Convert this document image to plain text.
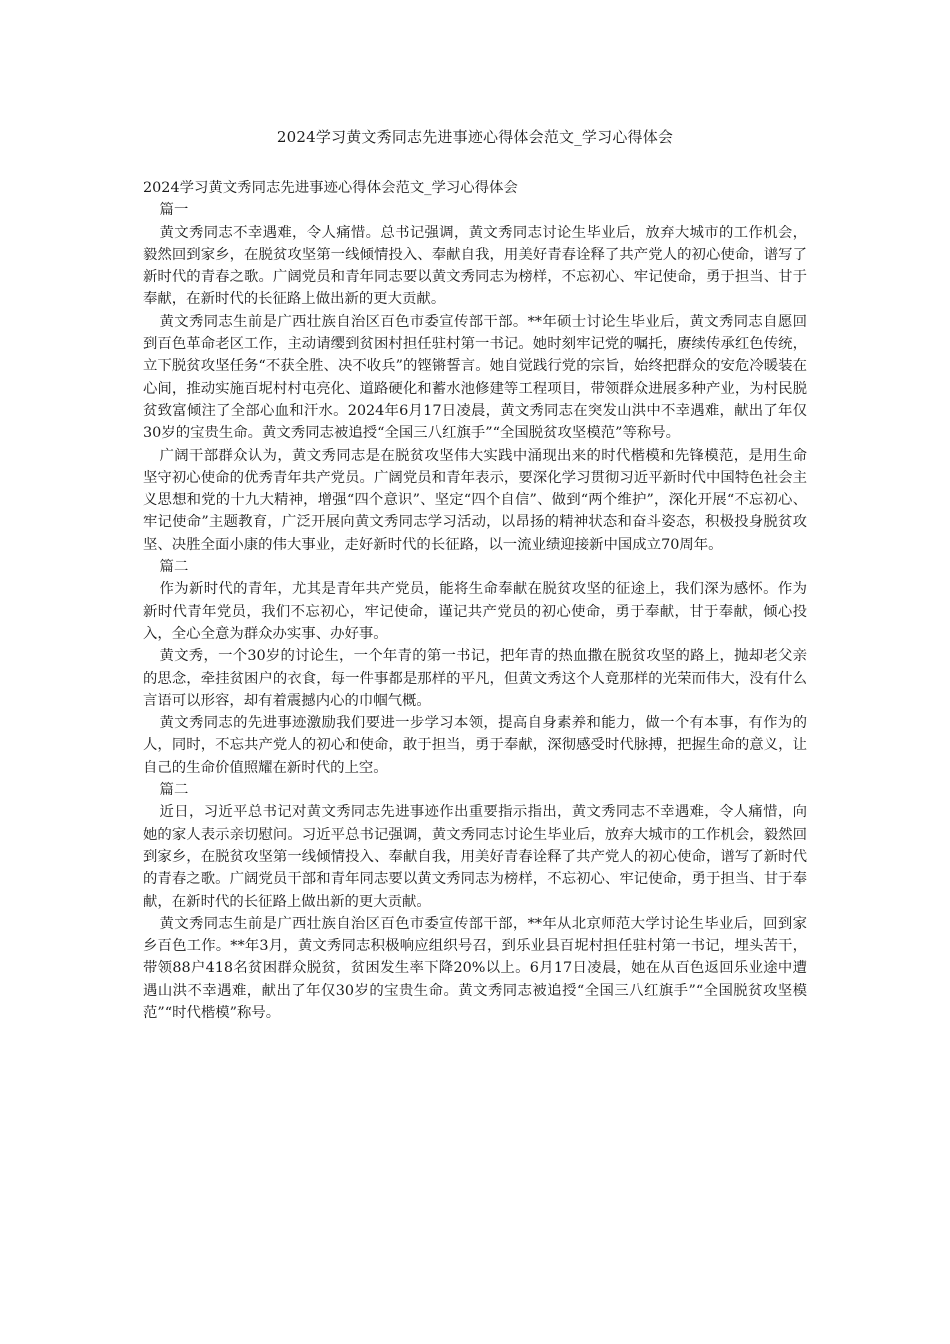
2024学习黄文秀同志先进事迹心得体会范文_学习心得体会

2024学习黄文秀同志先进事迹心得体会范文_学习心得体会

篇一

黄文秀同志不幸遇难，令人痛惜。总书记强调，黄文秀同志讨论生毕业后，放弃大城市的工作机会，毅然回到家乡，在脱贫攻坚第一线倾情投入、奉献自我，用美好青春诠释了共产党人的初心使命，谱写了新时代的青春之歌。广阔党员和青年同志要以黄文秀同志为榜样，不忘初心、牢记使命，勇于担当、甘于奉献，在新时代的长征路上做出新的更大贡献。

黄文秀同志生前是广西壮族自治区百色市委宣传部干部。**年硕士讨论生毕业后，黄文秀同志自愿回到百色革命老区工作，主动请缨到贫困村担任驻村第一书记。她时刻牢记党的嘱托，赓续传承红色传统，立下脱贫攻坚任务“不获全胜、决不收兵”的铿锵誓言。她自觉践行党的宗旨，始终把群众的安危冷暖装在心间，推动实施百坭村村屯亮化、道路硬化和蓄水池修建等工程项目，带领群众进展多种产业，为村民脱贫致富倾注了全部心血和汗水。2024年6月17日凌晨，黄文秀同志在突发山洪中不幸遇难，献出了年仅30岁的宝贵生命。黄文秀同志被追授“全国三八红旗手”“全国脱贫攻坚模范”等称号。

广阔干部群众认为，黄文秀同志是在脱贫攻坚伟大实践中涌现出来的时代楷模和先锋模范，是用生命坚守初心使命的优秀青年共产党员。广阔党员和青年表示，要深化学习贯彻习近平新时代中国特色社会主义思想和党的十九大精神，增强“四个意识”、坚定“四个自信”、做到“两个维护”，深化开展“不忘初心、牢记使命”主题教育，广泛开展向黄文秀同志学习活动，以昂扬的精神状态和奋斗姿态，积极投身脱贫攻坚、决胜全面小康的伟大事业，走好新时代的长征路，以一流业绩迎接新中国成立70周年。

篇二

作为新时代的青年，尤其是青年共产党员，能将生命奉献在脱贫攻坚的征途上，我们深为感怀。作为新时代青年党员，我们不忘初心，牢记使命，谨记共产党员的初心使命，勇于奉献，甘于奉献，倾心投入，全心全意为群众办实事、办好事。

黄文秀，一个30岁的讨论生，一个年青的第一书记，把年青的热血撒在脱贫攻坚的路上，抛却老父亲的思念，牵挂贫困户的衣食，每一件事都是那样的平凡，但黄文秀这个人竟那样的光荣而伟大，没有什么言语可以形容，却有着震撼内心的巾帼气概。

黄文秀同志的先进事迹激励我们要进一步学习本领，提高自身素养和能力，做一个有本事，有作为的人，同时，不忘共产党人的初心和使命，敢于担当，勇于奉献，深彻感受时代脉搏，把握生命的意义，让自己的生命价值照耀在新时代的上空。

篇二

近日，习近平总书记对黄文秀同志先进事迹作出重要指示指出，黄文秀同志不幸遇难，令人痛惜，向她的家人表示亲切慰问。习近平总书记强调，黄文秀同志讨论生毕业后，放弃大城市的工作机会，毅然回到家乡，在脱贫攻坚第一线倾情投入、奉献自我，用美好青春诠释了共产党人的初心使命，谱写了新时代的青春之歌。广阔党员干部和青年同志要以黄文秀同志为榜样，不忘初心、牢记使命，勇于担当、甘于奉献，在新时代的长征路上做出新的更大贡献。

黄文秀同志生前是广西壮族自治区百色市委宣传部干部，**年从北京师范大学讨论生毕业后，回到家乡百色工作。**年3月，黄文秀同志积极响应组织号召，到乐业县百坭村担任驻村第一书记，埋头苦干，带领88户418名贫困群众脱贫，贫困发生率下降20%以上。6月17日凌晨，她在从百色返回乐业途中遭遇山洪不幸遇难，献出了年仅30岁的宝贵生命。黄文秀同志被追授“全国三八红旗手”“全国脱贫攻坚模范”“时代楷模”称号。
